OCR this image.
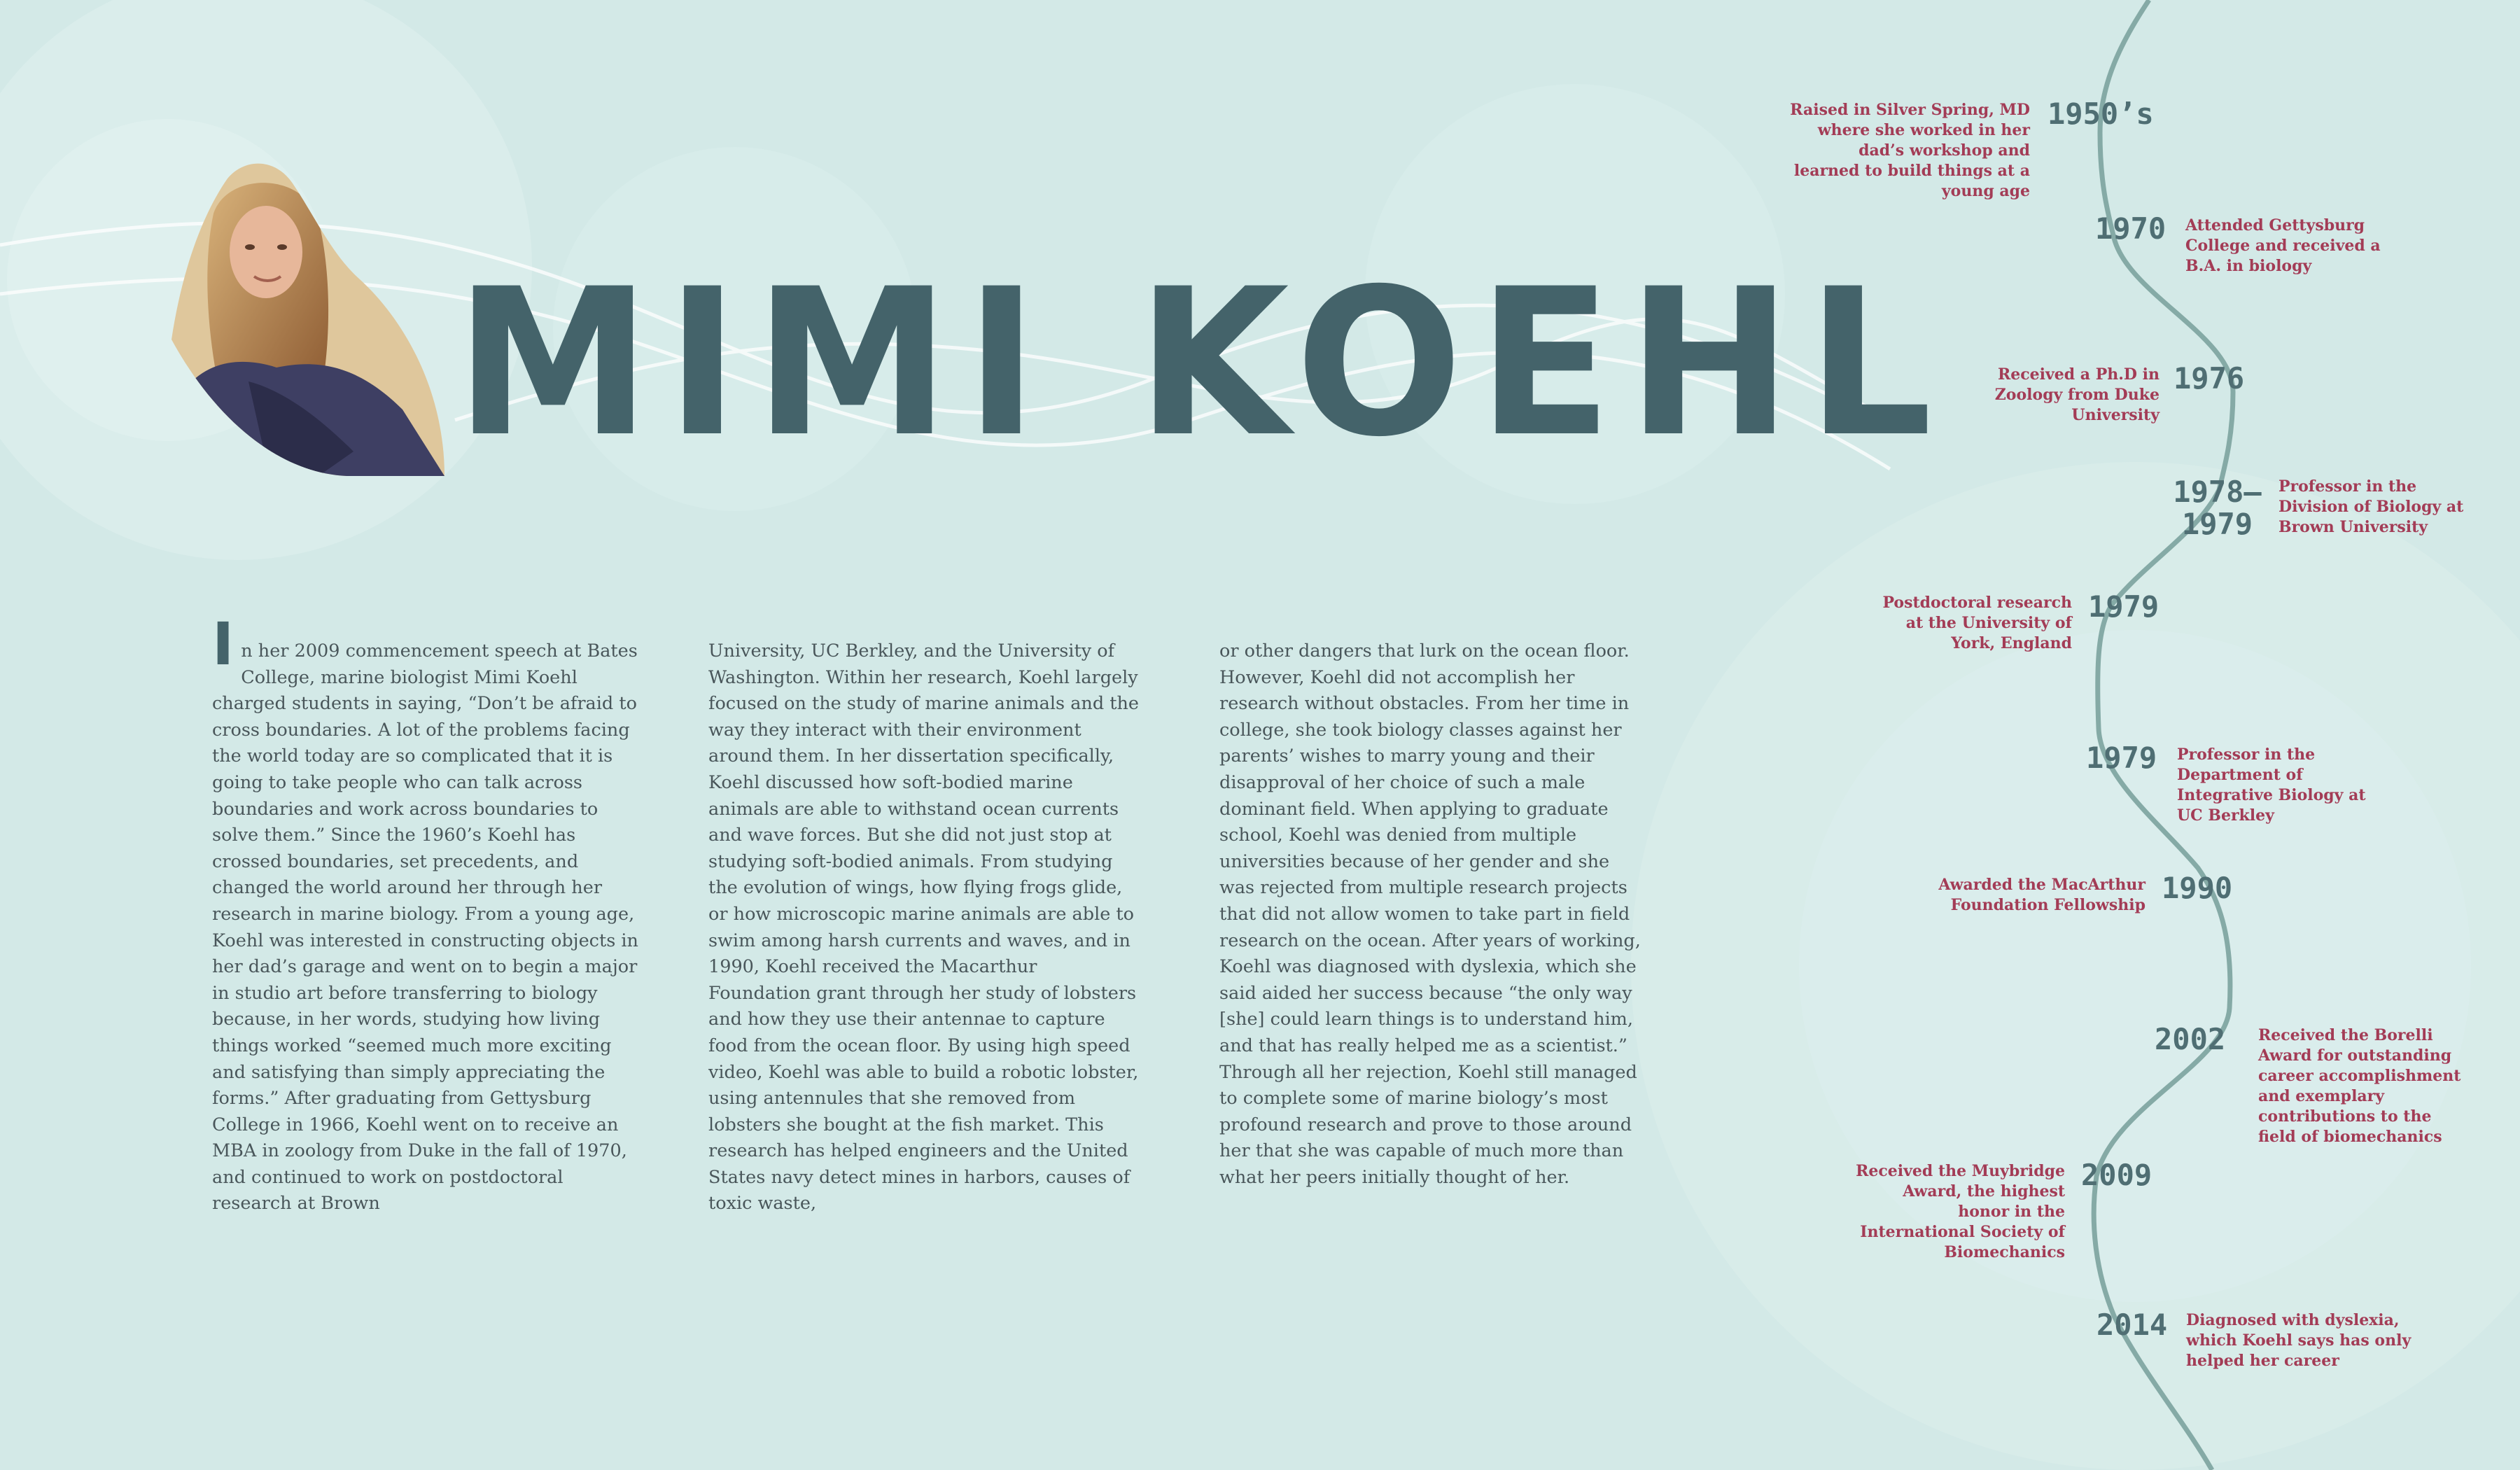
MIMI KOEHL
In her 2009 commencement speech at Bates College, marine biologist Mimi Koehl charged students in saying, “Don’t be afraid to cross boundaries. A lot of the problems facing the world today are so complicated that it is going to take people who can talk across boundaries and work across boundaries to solve them.” Since the 1960’s Koehl has crossed boundaries, set precedents, and changed the world around her through her research in marine biology. From a young age, Koehl was interested in constructing objects in her dad’s garage and went on to begin a major in studio art before transferring to biology because, in her words, studying how living things worked “seemed much more exciting and satisfying than simply appreciating the forms.” After graduating from Gettysburg College in 1966, Koehl went on to receive an MBA in zoology from Duke in the fall of 1970, and continued to work on postdoctoral research at Brown
University, UC Berkley, and the University of Washington. Within her research, Koehl largely focused on the study of marine animals and the way they interact with their environment around them. In her dissertation specifically, Koehl discussed how soft-bodied marine animals are able to withstand ocean currents and wave forces. But she did not just stop at studying soft-bodied animals. From studying the evolution of wings, how flying frogs glide, or how microscopic marine animals are able to swim among harsh currents and waves, and in 1990, Koehl received the Macarthur Foundation grant through her study of lobsters and how they use their antennae to capture food from the ocean floor. By using high speed video, Koehl was able to build a robotic lobster, using antennules that she removed from lobsters she bought at the fish market. This research has helped engineers and the United States navy detect mines in harbors, causes of toxic waste,
or other dangers that lurk on the ocean floor. However, Koehl did not accomplish her research without obstacles. From her time in college, she took biology classes against her parents’ wishes to marry young and their disapproval of her choice of such a male dominant field. When applying to graduate school, Koehl was denied from multiple universities because of her gender and she was rejected from multiple research projects that did not allow women to take part in field research on the ocean. After years of working, Koehl was diagnosed with dyslexia, which she said aided her success because “the only way [she] could learn things is to understand him, and that has really helped me as a scientist.” Through all her rejection, Koehl still managed to complete some of marine biology’s most profound research and prove to those around her that she was capable of much more than what her peers initially thought of her.
1950’s
Raised in Silver Spring, MD where she worked in her dad’s workshop and learned to build things at a young age
1970 Attended Gettysburg College and received a B.A. in biology
1976
Received a Ph.D in Zoology from Duke University
1978–1979
Professor in the Division of Biology at Brown University
1979
Postdoctoral research at the University of York, England
1979 Professor in the Department of Integrative Biology at UC Berkley
1990
Awarded the MacArthur Foundation Fellowship
2002 Received the Borelli Award for outstanding career accomplishment and exemplary contributions to the field of biomechanics
2009
Received the Muybridge Award, the highest honor in the International Society of Biomechanics
2014 Diagnosed with dyslexia, which Koehl says has only helped her career
